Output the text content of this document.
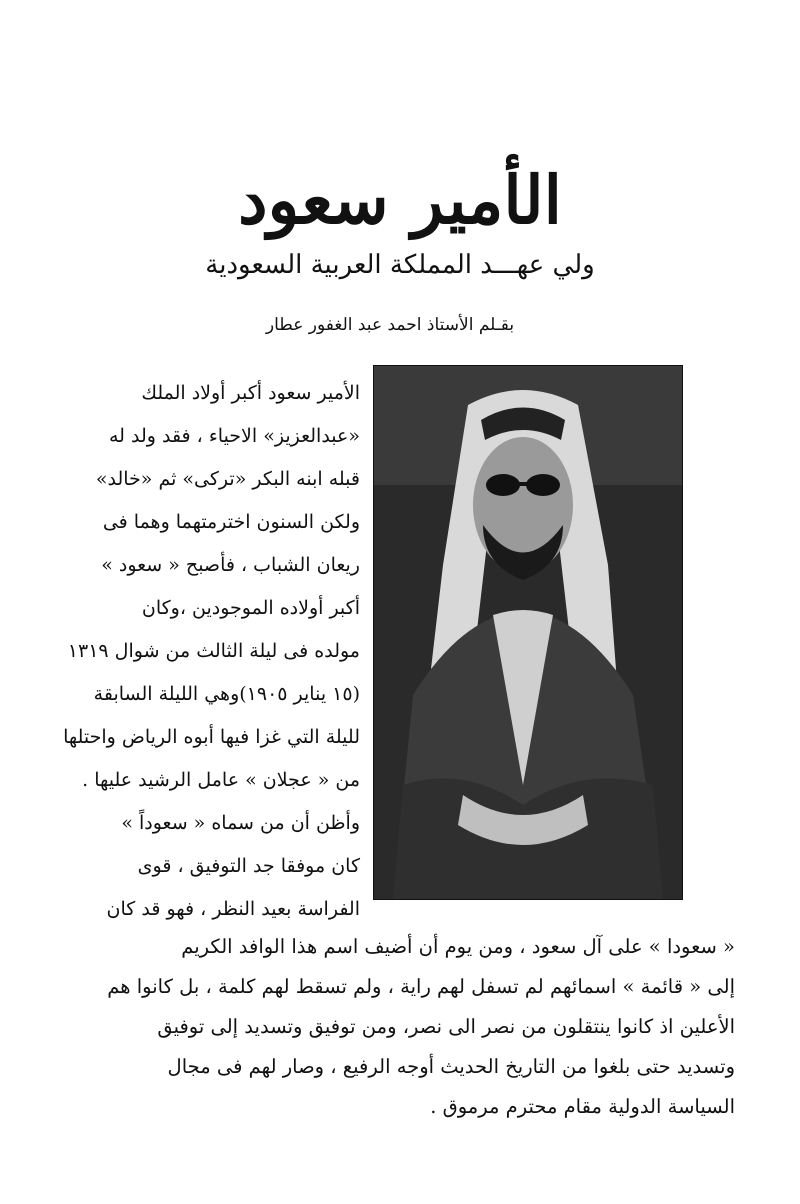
الأمير سعود
ولي عهـــد المملكة العربية السعودية
بقـلم الأستاذ احمد عبد الغفور عطار
الأمير سعود أكبر أولاد الملك
«عبدالعزيز» الاحياء ، فقد ولد له
قبله ابنه البكر «تركى» ثم «خالد»
ولكن السنون اخترمتهما وهما فى
ريعان الشباب ، فأصبح « سعود »
أكبر أولاده الموجودين ،وكان
مولده فى ليلة الثالث من شوال ١٣١٩
(١٥ يناير ١٩٠٥)وهي الليلة السابقة
لليلة التي غزا فيها أبوه الرياض واحتلها
من « عجلان » عامل الرشيد عليها .
وأظن أن من سماه « سعوداً »
كان موفقا جد التوفيق ، قوى
الفراسة بعيد النظر ، فهو قد كان
« سعودا » على آل سعود ، ومن يوم أن أضيف اسم هذا الوافد الكريم
إلى « قائمة » اسمائهم لم تسفل لهم راية ، ولم تسقط لهم كلمة ، بل كانوا هم
الأعلين اذ كانوا ينتقلون من نصر الى نصر، ومن توفيق وتسديد إلى توفيق
وتسديد حتى بلغوا من التاريخ الحديث أوجه الرفيع ، وصار لهم فى مجال
السياسة الدولية مقام محترم مرموق .
